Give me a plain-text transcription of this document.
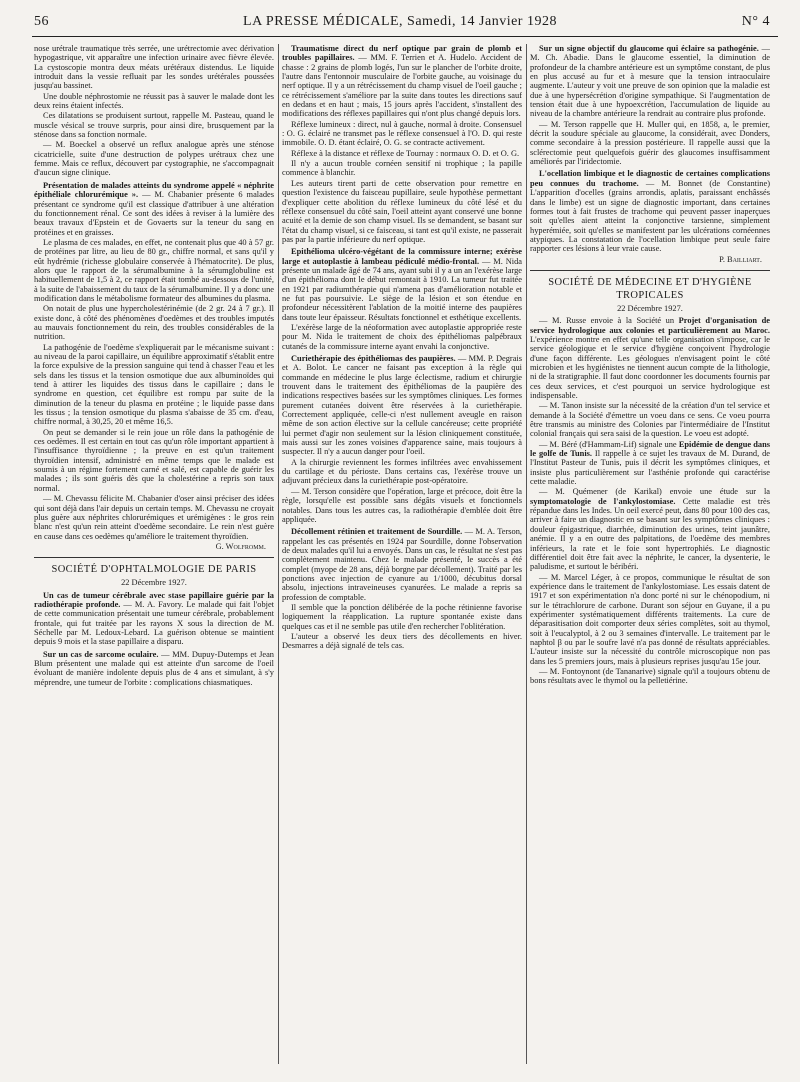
56	LA PRESSE MÉDICALE, Samedi, 14 Janvier 1928	N° 4

nose urétrale traumatique très serrée, une urétrectomie avec dérivation hypogastrique, vit apparaître une infection urinaire avec fièvre élevée. La cystoscopie montra deux méats urétéraux distendus. Le liquide introduit dans la vessie refluait par les sondes urétérales poussées jusqu'au bassinet.

Une double néphrostomie ne réussit pas à sauver le malade dont les deux reins étaient infectés.

Ces dilatations se produisent surtout, rappelle M. Pasteau, quand le muscle vésical se trouve surpris, pour ainsi dire, brusquement par la sténose dans sa fonction normale.

— M. Boeckel a observé un reflux analogue après une sténose cicatricielle, suite d'une destruction de polypes urétraux chez une femme. Mais ce reflux, découvert par cystographie, ne s'accompagnait d'aucun signe clinique.

Présentation de malades atteints du syndrome appelé « néphrite épithéliale chlorurémique ». — M. Chabanier présente 6 malades présentant ce syndrome qu'il est classique d'attribuer à une altération du fonctionnement rénal. Ce sont des idées à reviser à la lumière des beaux travaux d'Epstein et de Govaerts sur la teneur du sang en protéines et en graisses.

Le plasma de ces malades, en effet, ne contenait plus que 40 à 57 gr. de protéines par litre, au lieu de 80 gr., chiffre normal, et sans qu'il y eût hydrémie (richesse globulaire conservée à l'hématocrite). De plus, alors que le rapport de la sérumalbumine à la sérumglobuline est habituellement de 1,5 à 2, ce rapport était tombé au-dessous de l'unité, à la suite de l'abaissement du taux de la sérumalbumine. Il y a donc une modification dans le métabolisme formateur des albumines du plasma.

On notait de plus une hypercholestérinémie (de 2 gr. 24 à 7 gr.). Il existe donc, à côté des phénomènes d'oedèmes et des troubles imputés au mauvais fonctionnement du rein, des troubles considérables de la nutrition.

La pathogénie de l'oedème s'expliquerait par le mécanisme suivant : au niveau de la paroi capillaire, un équilibre approximatif s'établit entre la force expulsive de la pression sanguine qui tend à chasser l'eau et les sels dans les tissus et la tension osmotique due aux albuminoïdes qui tend à attirer les liquides des tissus dans le capillaire ; dans le syndrome en question, cet équilibre est rompu par suite de la diminution de la teneur du plasma en protéine ; le liquide passe dans les tissus ; la tension osmotique du plasma s'abaisse de 35 cm. d'eau, chiffre normal, à 30,25, 20 et même 16,5.

On peut se demander si le rein joue un rôle dans la pathogénie de ces oedèmes. Il est certain en tout cas qu'un rôle important appartient à l'insuffisance thyroïdienne ; la preuve en est qu'un traitement thyroïdien intensif, administré en même temps que le malade est soumis à un régime fortement carné et salé, est capable de guérir les malades ; ils sont guéris dès que la cholestérine a repris son taux normal.

— M. Chevassu félicite M. Chabanier d'oser ainsi préciser des idées qui sont déjà dans l'air depuis un certain temps. M. Chevassu ne croyait plus guère aux néphrites chlorurémiques et urémigènes : le gros rein blanc n'est qu'un rein atteint d'oedème secondaire. Le rein n'est guère en cause dans ces oedèmes qu'améliore le traitement thyroïdien.

G. Wolfromm.
SOCIÉTÉ D'OPHTALMOLOGIE DE PARIS
22 Décembre 1927.
Un cas de tumeur cérébrale avec stase papillaire guérie par la radiothérapie profonde. — M. A. Favory. Le malade qui fait l'objet de cette communication présentait une tumeur cérébrale, probablement frontale, qui fut traitée par les rayons X sous la direction de M. Séchelle par M. Ledoux-Lebard. La guérison obtenue se maintient depuis 9 mois et la stase papillaire a disparu.
Sur un cas de sarcome oculaire. — MM. Dupuy-Dutemps et Jean Blum présentent une malade qui est atteinte d'un sarcome de l'oeil évoluant de manière indolente depuis plus de 4 ans et simulant, à s'y méprendre, une tumeur de l'orbite : complications chiasmatiques.
Traumatisme direct du nerf optique par grain de plomb et troubles papillaires. — MM. F. Terrien et A. Hudelo. Accident de chasse : 2 grains de plomb logés, l'un sur le plancher de l'orbite droite, l'autre dans l'entonnoir musculaire de l'orbite gauche, au voisinage du nerf optique. Il y a un rétrécissement du champ visuel de l'oeil gauche ; ce rétrécissement s'améliore par la suite dans toutes les directions sauf en dedans et en haut ; mais, 15 jours après l'accident, s'installent des modifications des réflexes papillaires qui n'ont plus changé depuis lors.

Réflexe lumineux : direct, nul à gauche, normal à droite. Consensuel : O. G. éclairé ne transmet pas le réflexe consensuel à l'O. D. qui reste immobile. O. D. étant éclairé, O. G. se contracte activement.

Réflexe à la distance et réflexe de Tournay : normaux O. D. et O. G.

Il n'y a aucun trouble cornéen sensitif ni trophique ; la papille commence à blanchir.

Les auteurs tirent parti de cette observation pour remettre en question l'existence du faisceau pupillaire, seule hypothèse permettant d'expliquer cette abolition du réflexe lumineux du côté lésé et du réflexe consensuel du côté sain, l'oeil atteint ayant conservé une bonne acuité et la demie de son champ visuel. Ils se demandent, se basant sur l'état du champ visuel, si ce faisceau, si tant est qu'il existe, ne passerait pas par la partie inférieure du nerf optique.

Epithélioma ulcéro-végétant de la commissure interne; exérèse large et autoplastie à lambeau pédiculé médio-frontal. — M. Nida présente un malade âgé de 74 ans, ayant subi il y a un an l'exérèse large d'un épithélioma dont le début remontait à 1910. La tumeur fut traitée en 1921 par radiumthérapie qui n'amena pas d'amélioration notable et ne fut pas poursuivie. Le siège de la lésion et son étendue en profondeur nécessitèrent l'ablation de la moitié interne des paupières dans toute leur épaisseur. Résultats fonctionnel et esthétique excellents.

L'exérèse large de la néoformation avec autoplastie appropriée reste pour M. Nida le traitement de choix des épithéliomas palpébraux cutanés de la commissure interne ayant envahi la conjonctive.

Curiethérapie des épithéliomas des paupières. — MM. P. Degrais et A. Bolot. Le cancer ne faisant pas exception à la règle qui commande en médecine le plus large éclectisme, radium et chirurgie trouvent dans le traitement des épithéliomas de la paupière des indications respectives basées sur les symptômes cliniques. Les formes purement cutanées doivent être réservées à la curiethérapie. Correctement appliquée, celle-ci n'est nullement aveugle en raison même de son action élective sur la cellule cancéreuse; cette propriété lui permet d'agir non seulement sur la lésion cliniquement constituée, mais aussi sur les zones voisines d'apparence saine, mais toujours à suspecter. Il n'y a aucun danger pour l'oeil.

A la chirurgie reviennent les formes infiltrées avec envahissement du cartilage et du périoste. Dans certains cas, l'exérèse trouve un adjuvant précieux dans la curiethérapie post-opératoire.

— M. Terson considère que l'opération, large et précoce, doit être la règle, lorsqu'elle est possible sans dégâts visuels et fonctionnels notables. Dans tous les autres cas, la radiothérapie d'emblée doit être appliquée.

Décollement rétinien et traitement de Sourdille. — M. A. Terson, rappelant les cas présentés en 1924 par Sourdille, donne l'observation de deux malades qu'il lui a envoyés. Dans un cas, le résultat ne s'est pas complètement maintenu. Chez le malade présenté, le succès a été complet (myope de 28 ans, déjà borgne par décollement). Traité par les ponctions avec injection de cyanure au 1/1000, décubitus dorsal absolu, injections intraveineuses cyanurées. Le malade a repris sa profession de comptable.

Il semble que la ponction délibérée de la poche rétinienne favorise logiquement la réapplication. La rupture spontanée existe dans quelques cas et il ne semble pas utile d'en rechercher l'oblitération.

L'auteur a observé les deux tiers des décollements en hiver. Desmarres a déjà signalé de tels cas.

Sur un signe objectif du glaucome qui éclaire sa pathogénie. — M. Ch. Abadie. Dans le glaucome essentiel, la diminution de profondeur de la chambre antérieure est un symptôme constant, de plus en plus accusé au fur et à mesure que la tension intraoculaire augmente. L'auteur y voit une preuve de son opinion que la maladie est due à une hypersécrétion d'origine sympathique. Si l'augmentation de tension était due à une hypoexcrétion, l'accumulation de liquide au niveau de la chambre antérieure la rendrait au contraire plus profonde.

— M. Terson rappelle que H. Muller qui, en 1858, a, le premier, décrit la soudure spéciale au glaucome, la considérait, avec Donders, comme secondaire à la pression postérieure. Il rappelle aussi que la sclérectomie peut quelquefois guérir des glaucomes insuffisamment améliorés par l'iridectomie.

L'ocellation limbique et le diagnostic de certaines complications peu connues du trachome. — M. Bonnet (de Constantine) L'apparition d'ocelles (grains arrondis, aplatis, paraissant enchâssés dans le limbe) est un signe de diagnostic important, dans certaines formes tout à fait frustes de trachome qui peuvent passer inaperçues soit qu'elles aient atteint la conjonctive tarsienne, simplement hyperémiée, soit qu'elles se manifestent par les ulcérations cornéennes atypiques. La constatation de l'ocellation limbique peut seule faire rapporter ces lésions à leur vraie cause.
P. Bailliart.
SOCIÉTÉ DE MÉDECINE ET D'HYGIÈNE TROPICALES
22 Décembre 1927.

— M. Russe envoie à la Société un Projet d'organisation de service hydrologique aux colonies et particulièrement au Maroc. L'expérience montre en effet qu'une telle organisation s'impose, car le service géologique et le service d'hygiène conçoivent l'hydrologie d'une façon différente. Les géologues n'envisagent point le côté microbien et les hygiénistes ne tiennent aucun compte de la lithologie, ni de la stratigraphie. Il faut donc coordonner les documents fournis par ces deux services, et c'est pourquoi un service hydrologique est indispensable.

— M. Tanon insiste sur la nécessité de la création d'un tel service et demande à la Société d'émettre un voeu dans ce sens. Ce voeu pourra être transmis au ministre des Colonies par l'intermédiaire de l'Institut colonial français qui sera saisi de la question. Le voeu est adopté.

— M. Béré (d'Hammam-Lif) signale une Epidémie de dengue dans le golfe de Tunis. Il rappelle à ce sujet les travaux de M. Durand, de l'Institut Pasteur de Tunis, puis il décrit les symptômes cliniques, et insiste plus particulièrement sur l'asthénie profonde qui caractérise cette maladie.

— M. Quémener (de Karikal) envoie une étude sur la symptomatologie de l'ankylostomiase. Cette maladie est très répandue dans les Indes. Un oeil exercé peut, dans 80 pour 100 des cas, arriver à faire un diagnostic en se basant sur les symptômes cliniques : douleur épigastrique, diarrhée, diminution des urines, teint jaunâtre, anémie. Il y a en outre des palpitations, de l'oedème des membres inférieurs, la rate et le foie sont hypertrophiés. Le diagnostic différentiel doit être fait avec la néphrite, le cancer, la dysenterie, le paludisme, et surtout le béribéri.

— M. Marcel Léger, à ce propos, communique le résultat de son expérience dans le traitement de l'ankylostomiase. Les essais datent de 1917 et son expérimentation n'a donc porté ni sur le chénopodium, ni sur le tétrachlorure de carbone. Durant son séjour en Guyane, il a pu expérimenter systématiquement différents traitements. La cure de déparasitisation doit comporter deux séries complètes, soit au thymol, soit à l'eucalyptol, à 2 ou 3 semaines d'intervalle. Le traitement par le naphtol β ou par le soufre lavé n'a pas donné de résultats appréciables. L'auteur insiste sur la nécessité du contrôle microscopique non pas dans les 5 premiers jours, mais à plusieurs reprises jusqu'au 15e jour.

— M. Fontoynont (de Tananarive) signale qu'il a toujours obtenu de bons résultats avec le thymol ou la pelletiérine.
